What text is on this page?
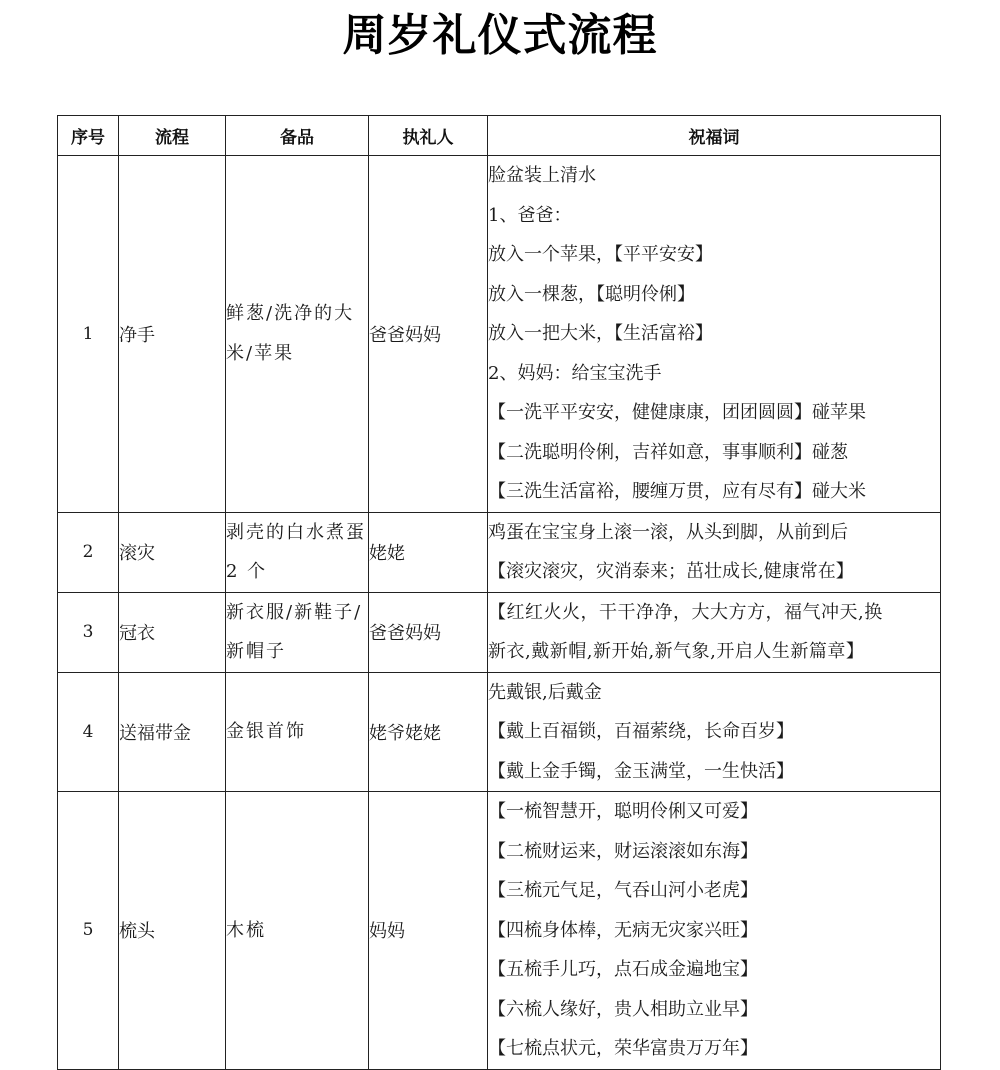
周岁礼仪式流程
序号	流程	备品	执礼人	祝福词
1	净手	鲜葱/洗净的大米/苹果	爸爸妈妈	
脸盆装上清水
1、爸爸：
放入一个苹果，【平平安安】
放入一棵葱，【聪明伶俐】
放入一把大米，【生活富裕】
2、妈妈：给宝宝洗手
【一洗平平安安，健健康康，团团圆圆】碰苹果
【二洗聪明伶俐，吉祥如意，事事顺利】碰葱
【三洗生活富裕，腰缠万贯，应有尽有】碰大米

2	滚灾	剥壳的白水煮蛋 2 个	姥姥	鸡蛋在宝宝身上滚一滚，从头到脚，从前到后
【滚灾滚灾，灾消泰来；茁壮成长,健康常在】

3	冠衣	新衣服/新鞋子/新帽子	爸爸妈妈	【红红火火，干干净净，大大方方，福气冲天,换
新衣,戴新帽,新开始,新气象,开启人生新篇章】

4	送福带金	金银首饰	姥爷姥姥	先戴银,后戴金
【戴上百福锁，百福萦绕，长命百岁】
【戴上金手镯，金玉满堂，一生快活】

5	梳头	木梳	妈妈	
【一梳智慧开，聪明伶俐又可爱】
【二梳财运来，财运滚滚如东海】
【三梳元气足，气吞山河小老虎】
【四梳身体棒，无病无灾家兴旺】
【五梳手儿巧，点石成金遍地宝】
【六梳人缘好，贵人相助立业早】
【七梳点状元，荣华富贵万万年】
